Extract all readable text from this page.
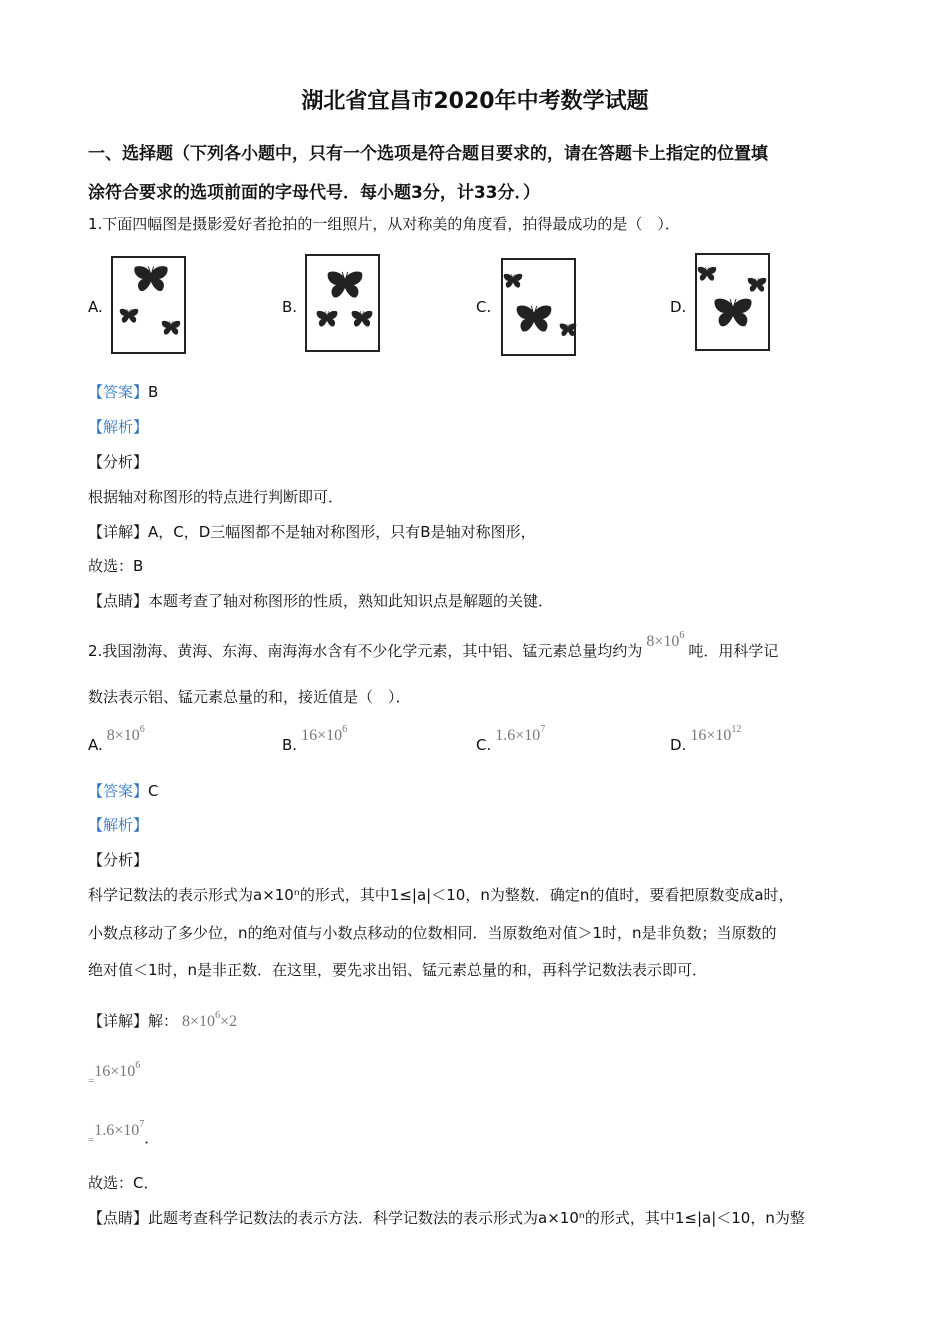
湖北省宜昌市2020年中考数学试题
一、选择题（下列各小题中，只有一个选项是符合题目要求的，请在答题卡上指定的位置填
涂符合要求的选项前面的字母代号．每小题3分，计33分．）
1.下面四幅图是摄影爱好者抢拍的一组照片，从对称美的角度看，拍得最成功的是（　）．
A.	B.	C.	D.
【答案】B
【解析】
【分析】
根据轴对称图形的特点进行判断即可．
【详解】A，C，D三幅图都不是轴对称图形，只有B是轴对称图形，
故选：B
【点睛】本题考查了轴对称图形的性质，熟知此知识点是解题的关键．
2.我国渤海、黄海、东海、南海海水含有不少化学元素，其中铝、锰元素总量均约为$8\times 10^6$吨．用科学记
数法表示铝、锰元素总量的和，接近值是（　）．
$A.8\times 10^6$
$B.16\times 10^6$
$C.1.6\times 10^7$
$D.16\times 10^{12}$
【答案】C
【解析】
【分析】
科学记数法的表示形式为a×10ⁿ的形式，其中1≤|a|＜10，n为整数．确定n的值时，要看把原数变成a时，
小数点移动了多少位，n的绝对值与小数点移动的位数相同．当原数绝对值＞1时，n是非负数；当原数的
绝对值＜1时，n是非正数．在这里，要先求出铝、锰元素总量的和，再科学记数法表示即可．
【详解】解： $8\times 10^6\times 2$
$_=16\times 10^6$
$_=1.6\times 10^7$．
故选：C．
【点睛】此题考查科学记数法的表示方法．科学记数法的表示形式为a×10ⁿ的形式，其中1≤|a|＜10，n为整
